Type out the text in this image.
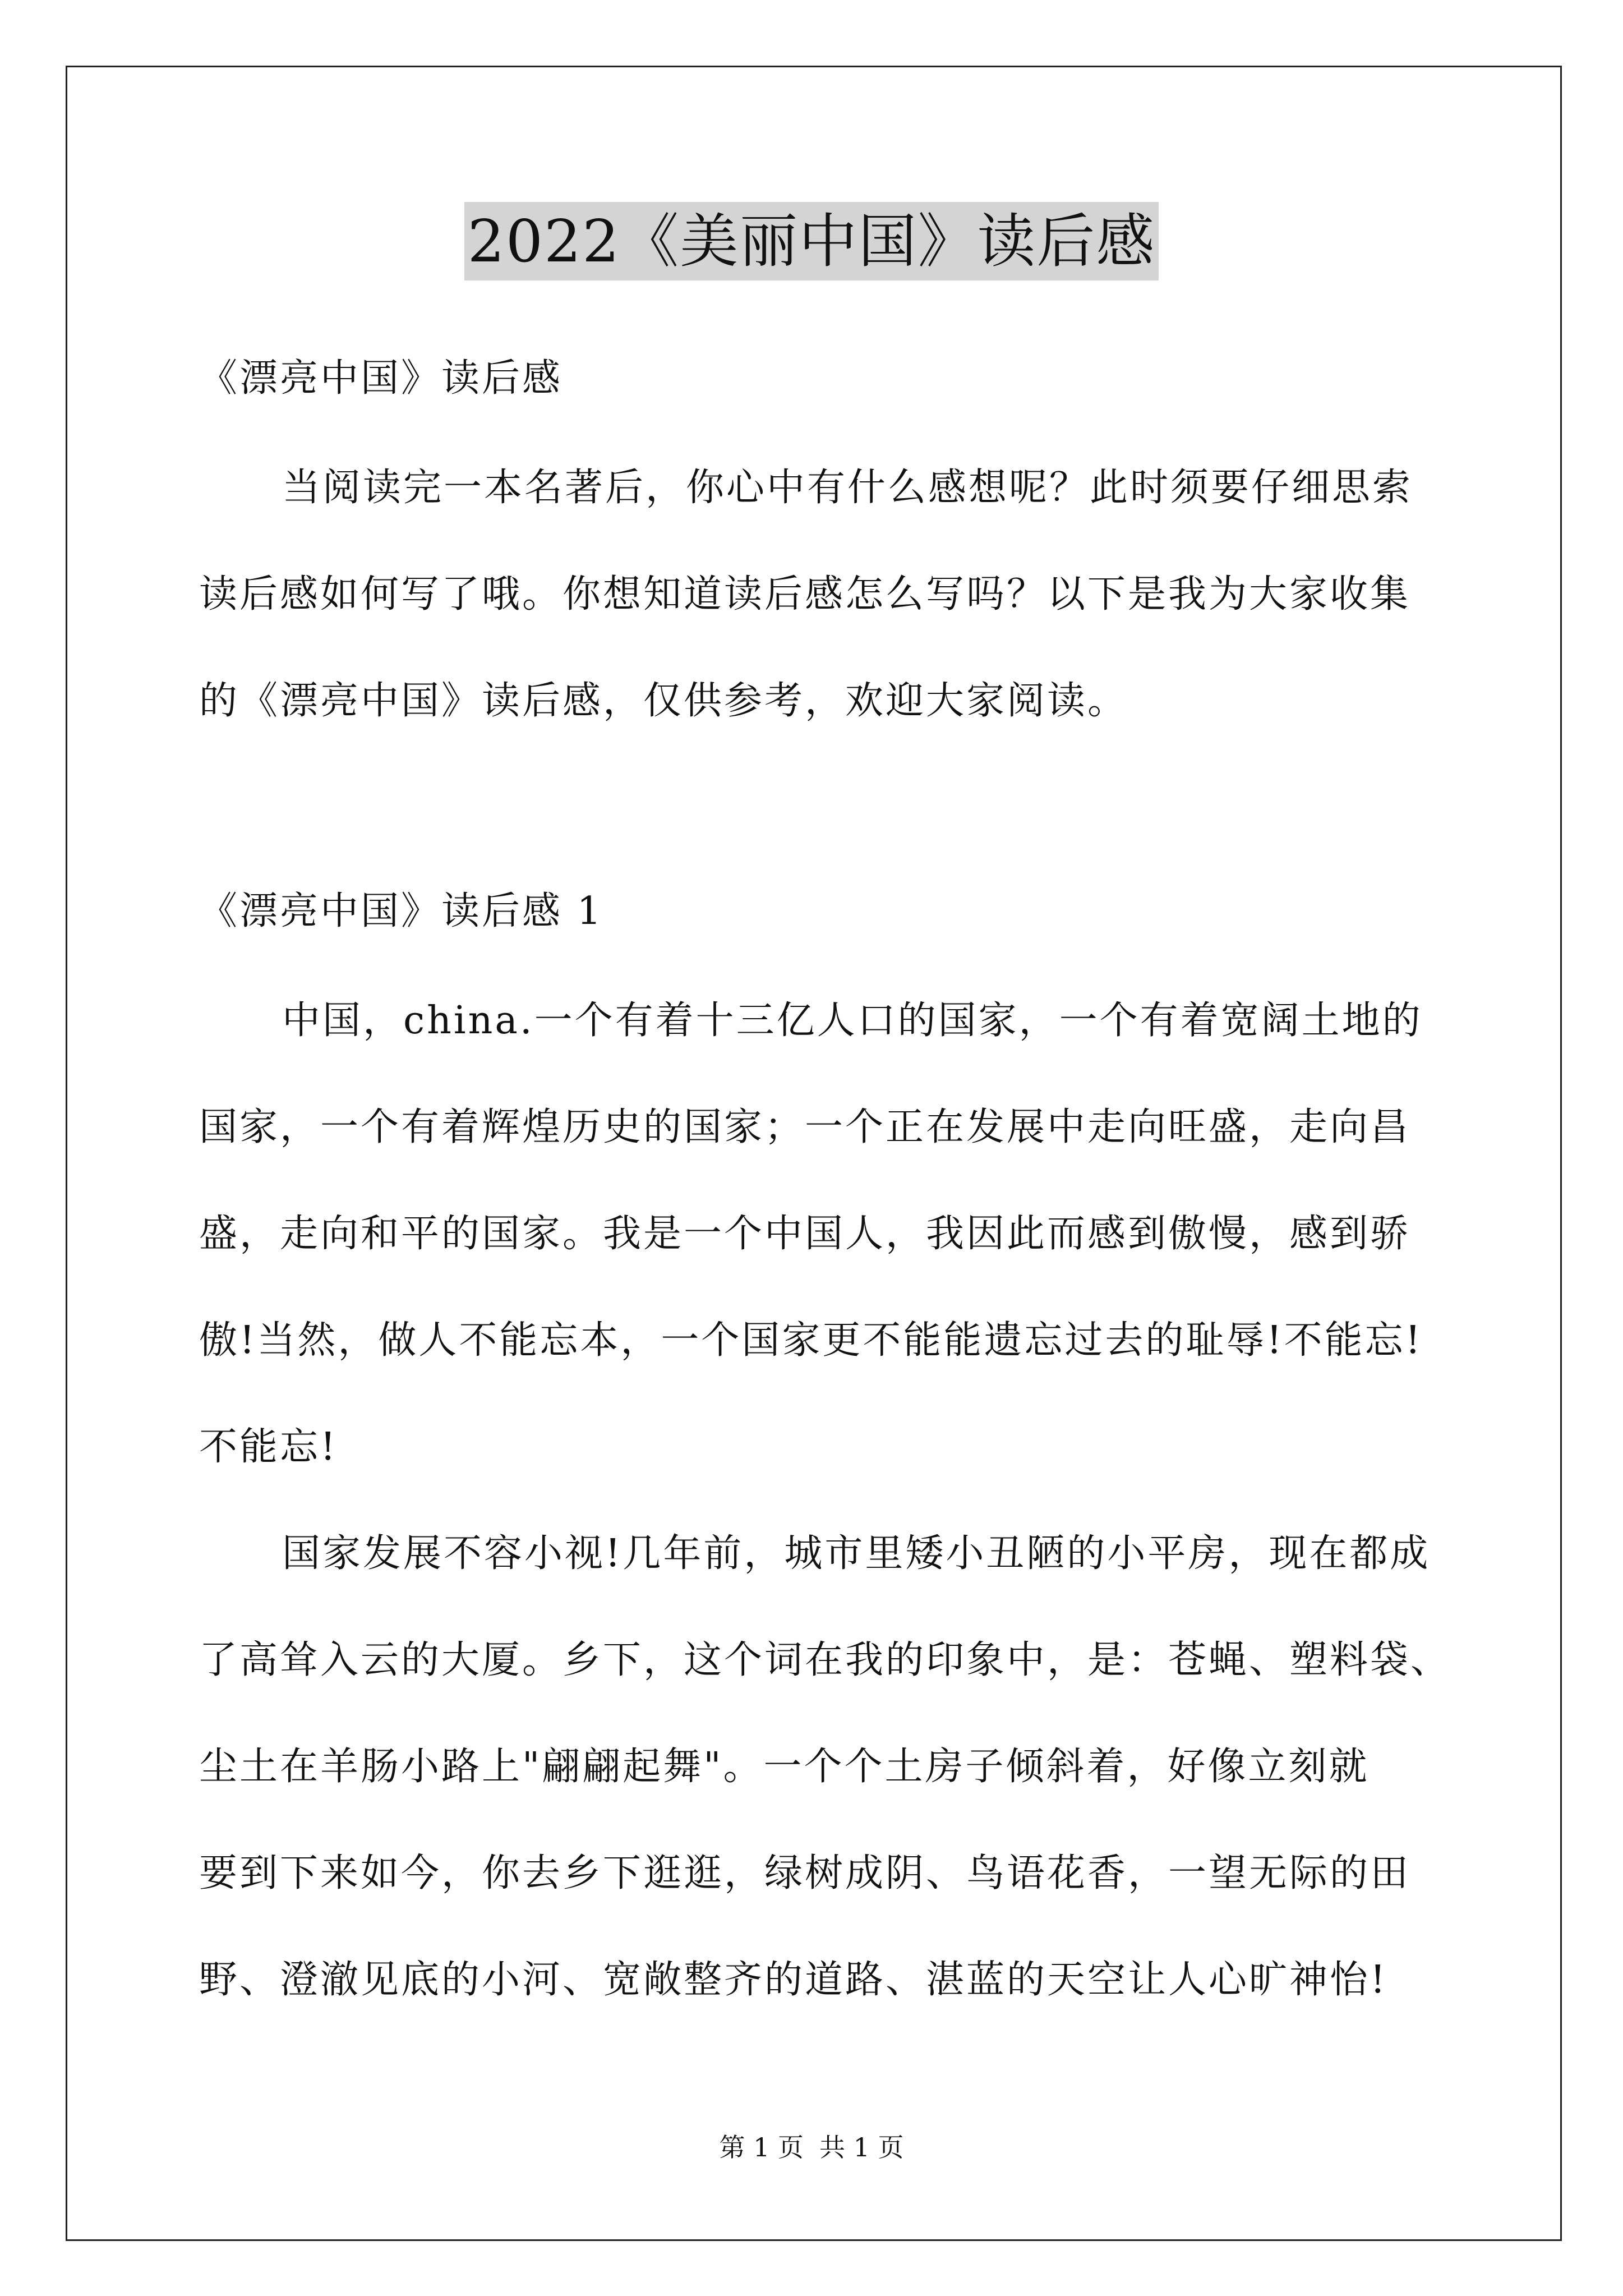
2022《美丽中国》读后感
《漂亮中国》读后感
当阅读完一本名著后，你心中有什么感想呢？此时须要仔细思索
读后感如何写了哦。你想知道读后感怎么写吗？以下是我为大家收集
的《漂亮中国》读后感，仅供参考，欢迎大家阅读。
《漂亮中国》读后感 1
中国，china.一个有着十三亿人口的国家，一个有着宽阔土地的
国家，一个有着辉煌历史的国家；一个正在发展中走向旺盛，走向昌
盛，走向和平的国家。我是一个中国人，我因此而感到傲慢，感到骄
傲!当然，做人不能忘本，一个国家更不能能遗忘过去的耻辱!不能忘!
不能忘!
国家发展不容小视!几年前，城市里矮小丑陋的小平房，现在都成
了高耸入云的大厦。乡下，这个词在我的印象中，是：苍蝇、塑料袋、
尘土在羊肠小路上"翩翩起舞"。一个个土房子倾斜着，好像立刻就
要到下来如今，你去乡下逛逛，绿树成阴、鸟语花香，一望无际的田
野、澄澈见底的小河、宽敞整齐的道路、湛蓝的天空让人心旷神怡!
第 1 页 共 1 页
